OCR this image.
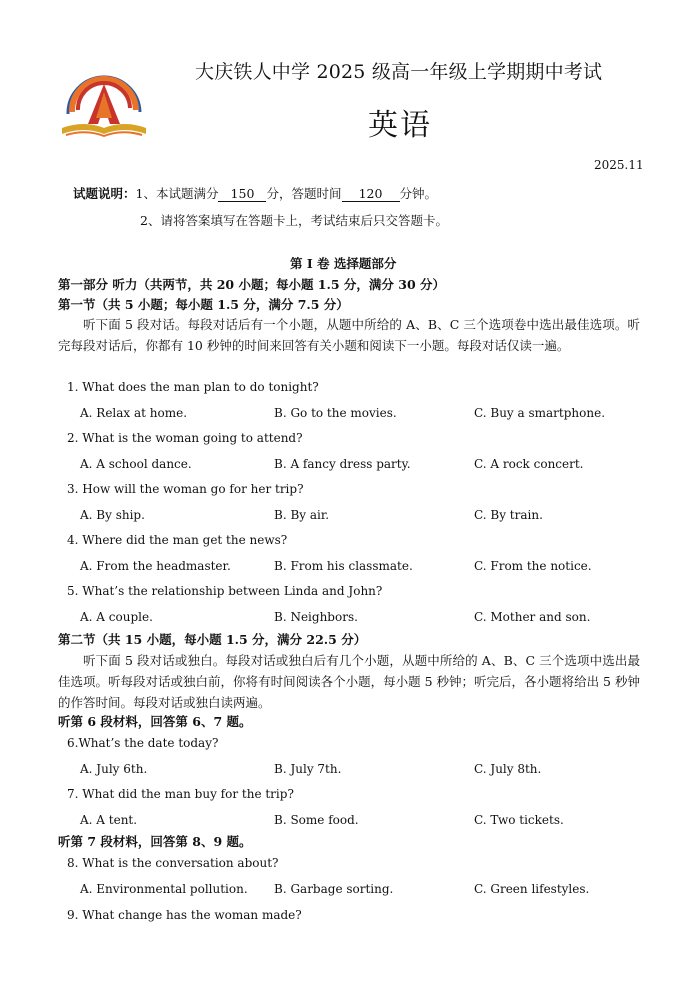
大庆铁人中学 2025 级高一年级上学期期中考试
英语
2025.11
试题说明：1、本试题满分 150 分，答题时间 120 分钟。
2、请将答案填写在答题卡上，考试结束后只交答题卡。
第 I 卷 选择题部分
第一部分 听力（共两节，共 20 小题；每小题 1.5 分，满分 30 分）
第一节（共 5 小题；每小题 1.5 分，满分 7.5 分）
听下面 5 段对话。每段对话后有一个小题，从题中所给的 A、B、C 三个选项卷中选出最佳选项。听完每段对话后，你都有 10 秒钟的时间来回答有关小题和阅读下一小题。每段对话仅读一遍。
1. What does the man plan to do tonight?
A. Relax at home.	B. Go to the movies.	C. Buy a smartphone.
2. What is the woman going to attend?
A. A school dance.	B. A fancy dress party.	C. A rock concert.
3. How will the woman go for her trip?
A. By ship.	B. By air.	C. By train.
4. Where did the man get the news?
A. From the headmaster.	B. From his classmate.	C. From the notice.
5. What’s the relationship between Linda and John?
A. A couple.	B. Neighbors.	C. Mother and son.
第二节（共 15 小题，每小题 1.5 分，满分 22.5 分）
听下面 5 段对话或独白。每段对话或独白后有几个小题，从题中所给的 A、B、C 三个选项中选出最佳选项。听每段对话或独白前，你将有时间阅读各个小题，每小题 5 秒钟；听完后，各小题将给出 5 秒钟的作答时间。每段对话或独白读两遍。
听第 6 段材料，回答第 6、7 题。
6.What’s the date today?
A. July 6th.	B. July 7th.	C. July 8th.
7. What did the man buy for the trip?
A. A tent.	B. Some food.	C. Two tickets.
听第 7 段材料，回答第 8、9 题。
8. What is the conversation about?
A. Environmental pollution. B. Garbage sorting.	C. Green lifestyles.
9. What change has the woman made?
